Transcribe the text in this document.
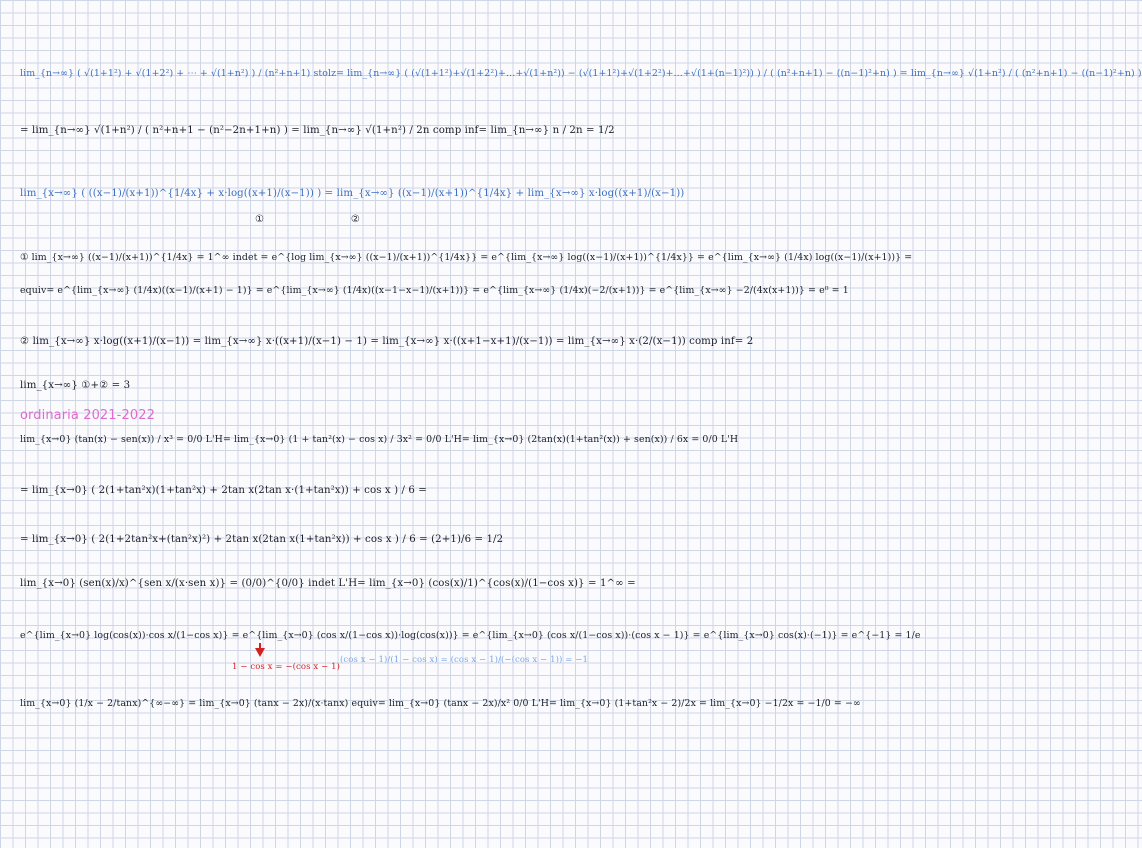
lim_{n→∞} ( √(1+1²) + √(1+2²) + ⋯ + √(1+n²) ) / (n²+n+1) stolz= lim_{n→∞} ( (√(1+1²)+√(1+2²)+…+√(1+n²)) − (√(1+1²)+√(1+2²)+…+√(1+(n−1)²)) ) / ( (n²+n+1) − ((n−1)²+n) ) = lim_{n→∞} √(1+n²) / ( (n²+n+1) − ((n−1)²+n) )
= lim_{n→∞} √(1+n²) / ( n²+n+1 − (n²−2n+1+n) ) = lim_{n→∞} √(1+n²) / 2n comp inf= lim_{n→∞} n / 2n = 1/2
lim_{x→∞} ( ((x−1)/(x+1))^{1/4x} + x·log((x+1)/(x−1)) ) = lim_{x→∞} ((x−1)/(x+1))^{1/4x} + lim_{x→∞} x·log((x+1)/(x−1))
①	②
① lim_{x→∞} ((x−1)/(x+1))^{1/4x} = 1^∞ indet = e^{log lim_{x→∞} ((x−1)/(x+1))^{1/4x}} = e^{lim_{x→∞} log((x−1)/(x+1))^{1/4x}} = e^{lim_{x→∞} (1/4x) log((x−1)/(x+1))} =
equiv= e^{lim_{x→∞} (1/4x)((x−1)/(x+1) − 1)} = e^{lim_{x→∞} (1/4x)((x−1−x−1)/(x+1))} = e^{lim_{x→∞} (1/4x)(−2/(x+1))} = e^{lim_{x→∞} −2/(4x(x+1))} = e⁰ = 1
② lim_{x→∞} x·log((x+1)/(x−1)) = lim_{x→∞} x·((x+1)/(x−1) − 1) = lim_{x→∞} x·((x+1−x+1)/(x−1)) = lim_{x→∞} x·(2/(x−1)) comp inf= 2
lim_{x→∞} ①+② = 3
ordinaria 2021-2022
lim_{x→0} (tan(x) − sen(x)) / x³ = 0/0 L'H= lim_{x→0} (1 + tan²(x) − cos x) / 3x² = 0/0 L'H= lim_{x→0} (2tan(x)(1+tan²(x)) + sen(x)) / 6x = 0/0 L'H
= lim_{x→0} ( 2(1+tan²x)(1+tan²x) + 2tan x(2tan x·(1+tan²x)) + cos x ) / 6 =
= lim_{x→0} ( 2(1+2tan²x+(tan²x)²) + 2tan x(2tan x(1+tan²x)) + cos x ) / 6 = (2+1)/6 = 1/2
lim_{x→0} (sen(x)/x)^{sen x/(x·sen x)} = (0/0)^{0/0} indet L'H= lim_{x→0} (cos(x)/1)^{cos(x)/(1−cos x)} = 1^∞ =
e^{lim_{x→0} log(cos(x))·cos x/(1−cos x)} = e^{lim_{x→0} (cos x/(1−cos x))·log(cos(x))} = e^{lim_{x→0} (cos x/(1−cos x))·(cos x − 1)} = e^{lim_{x→0} cos(x)·(−1)} = e^{−1} = 1/e
1 − cos x = −(cos x − 1)
(cos x − 1)/(1 − cos x) = (cos x − 1)/(−(cos x − 1)) = −1
lim_{x→0} (1/x − 2/tanx)^{∞−∞} = lim_{x→0} (tanx − 2x)/(x·tanx) equiv= lim_{x→0} (tanx − 2x)/x² 0/0 L'H= lim_{x→0} (1+tan²x − 2)/2x = lim_{x→0} −1/2x = −1/0 = −∞
